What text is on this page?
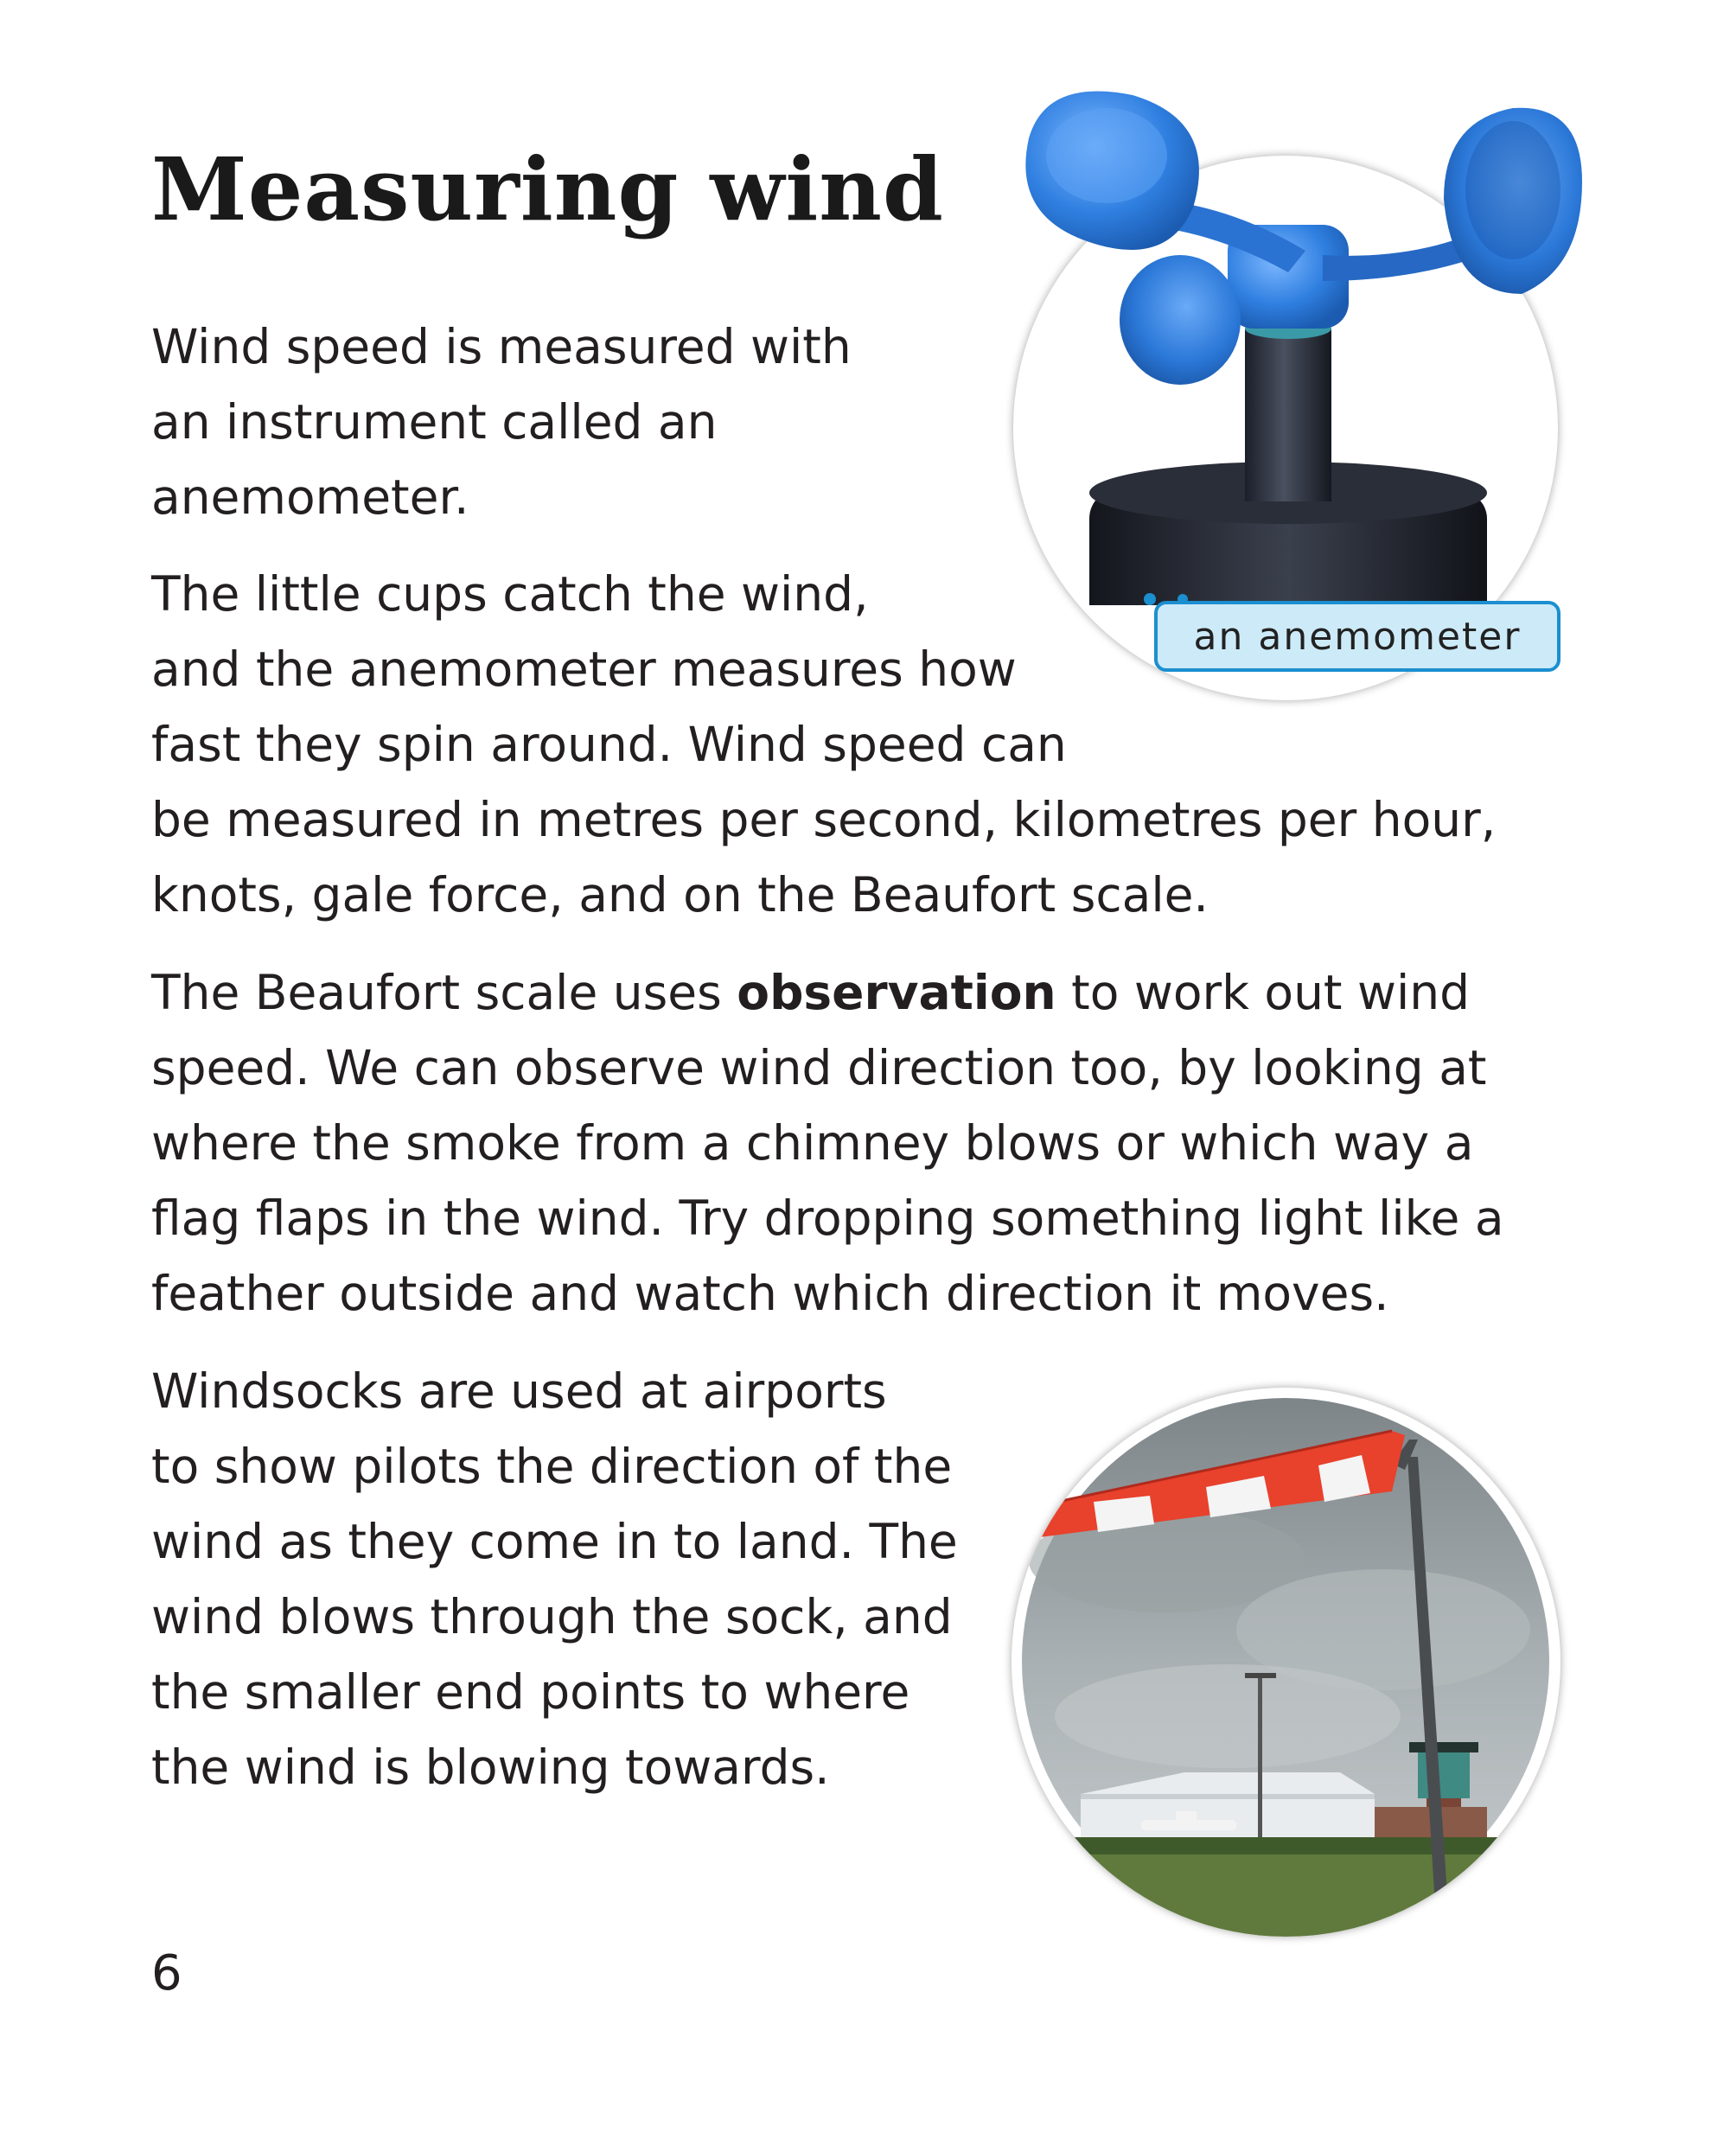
Measuring wind

Wind speed is measured with
an instrument called an
anemometer.

The little cups catch the wind,
and the anemometer measures how
fast they spin around. Wind speed can
be measured in metres per second, kilometres per hour,
knots, gale force, and on the Beaufort scale.

The Beaufort scale uses observation to work out wind
speed. We can observe wind direction too, by looking at
where the smoke from a chimney blows or which way a
flag flaps in the wind. Try dropping something light like a
feather outside and watch which direction it moves.

Windsocks are used at airports
to show pilots the direction of the
wind as they come in to land. The
wind blows through the sock, and
the smaller end points to where
the wind is blowing towards.

an anemometer

6
